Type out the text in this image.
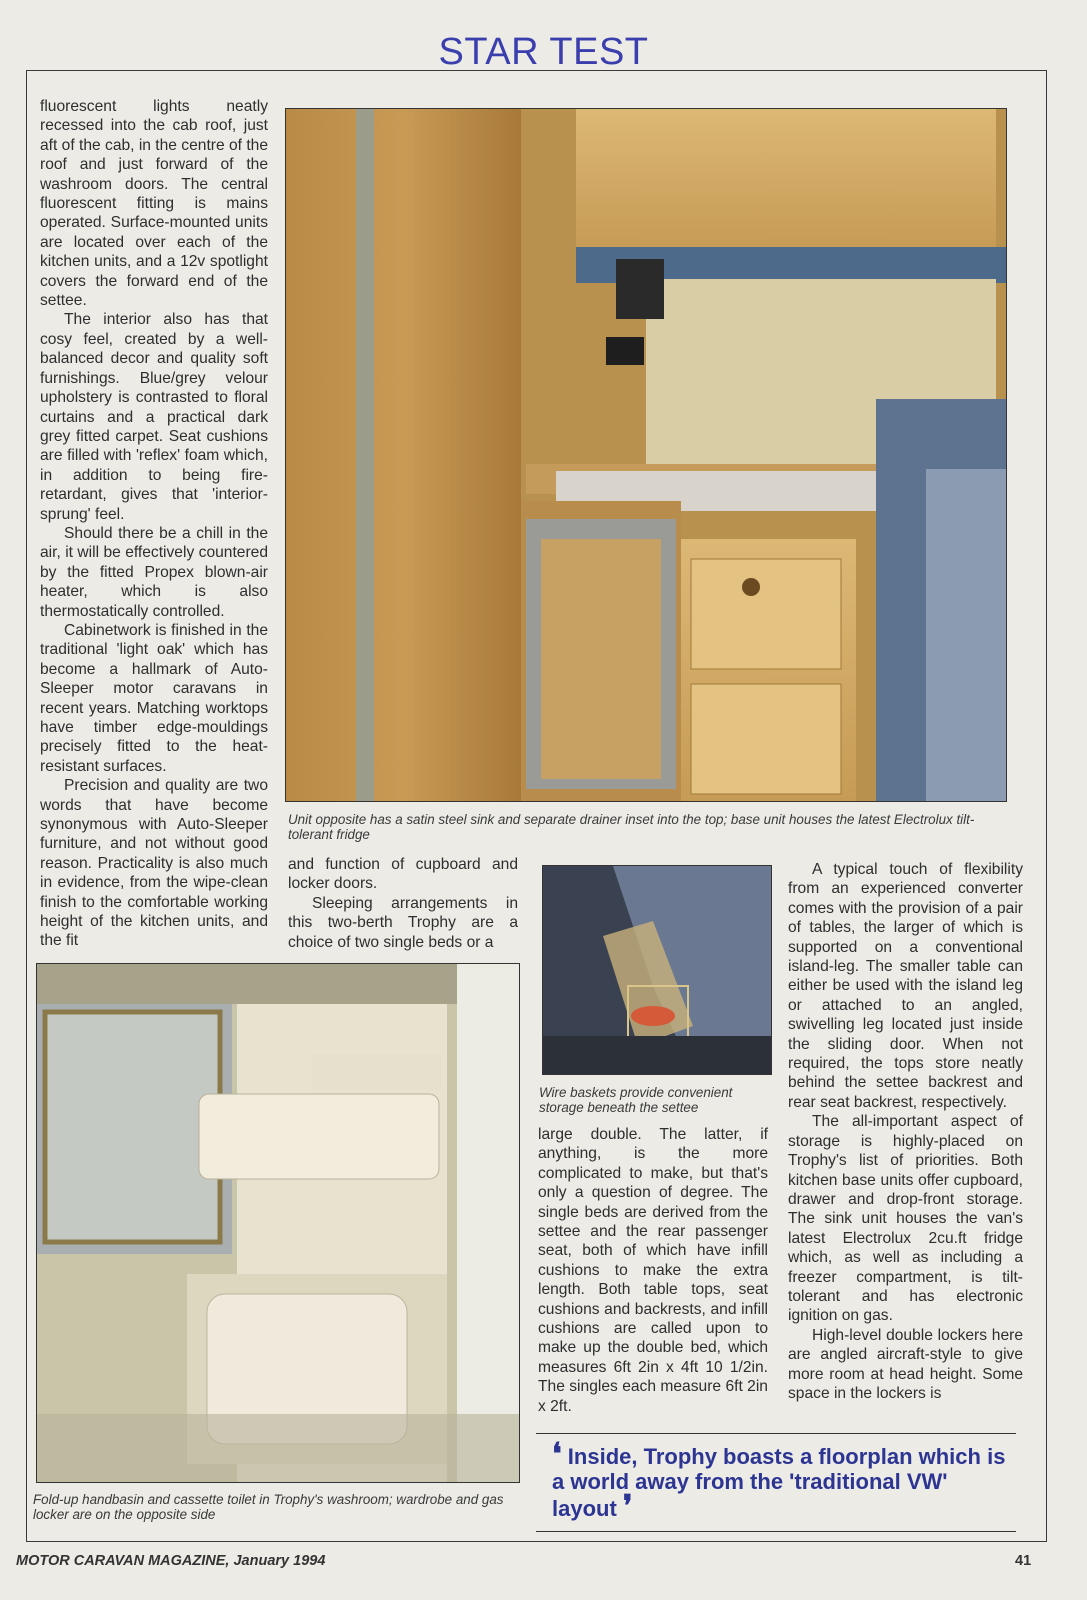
STAR TEST

fluorescent lights neatly recessed into the cab roof, just aft of the cab, in the centre of the roof and just forward of the washroom doors. The central fluorescent fitting is mains operated. Surface-mounted units are located over each of the kitchen units, and a 12v spotlight covers the forward end of the settee.

The interior also has that cosy feel, created by a well-balanced decor and quality soft furnishings. Blue/grey velour upholstery is contrasted to floral curtains and a practical dark grey fitted carpet. Seat cushions are filled with 'reflex' foam which, in addition to being fire-retardant, gives that 'interior-sprung' feel.

Should there be a chill in the air, it will be effectively countered by the fitted Propex blown-air heater, which is also thermostatically controlled.

Cabinetwork is finished in the traditional 'light oak' which has become a hallmark of Auto-Sleeper motor caravans in recent years. Matching worktops have timber edge-mouldings precisely fitted to the heat-resistant surfaces.

Precision and quality are two words that have become synonymous with Auto-Sleeper furniture, and not without good reason. Practicality is also much in evidence, from the wipe-clean finish to the comfortable working height of the kitchen units, and the fit

Unit opposite has a satin steel sink and separate drainer inset into the top; base unit houses the latest Electrolux tilt-tolerant fridge

and function of cupboard and locker doors.

Sleeping arrangements in this two-berth Trophy are a choice of two single beds or a

Wire baskets provide convenient storage beneath the settee

large double. The latter, if anything, is the more complicated to make, but that's only a question of degree. The single beds are derived from the settee and the rear passenger seat, both of which have infill cushions to make the extra length. Both table tops, seat cushions and backrests, and infill cushions are called upon to make up the double bed, which measures 6ft 2in x 4ft 10 1/2in. The singles each measure 6ft 2in x 2ft.

A typical touch of flexibility from an experienced converter comes with the provision of a pair of tables, the larger of which is supported on a conventional island-leg. The smaller table can either be used with the island leg or attached to an angled, swivelling leg located just inside the sliding door. When not required, the tops store neatly behind the settee backrest and rear seat backrest, respectively.

The all-important aspect of storage is highly-placed on Trophy's list of priorities. Both kitchen base units offer cupboard, drawer and drop-front storage. The sink unit houses the van's latest Electrolux 2cu.ft fridge which, as well as including a freezer compartment, is tilt-tolerant and has electronic ignition on gas.

High-level double lockers here are angled aircraft-style to give more room at head height. Some space in the lockers is

Fold-up handbasin and cassette toilet in Trophy's washroom; wardrobe and gas locker are on the opposite side
❛ Inside, Trophy boasts a floorplan which is a world away from the 'traditional VW' layout ❜
MOTOR CARAVAN MAGAZINE, January 1994	41
